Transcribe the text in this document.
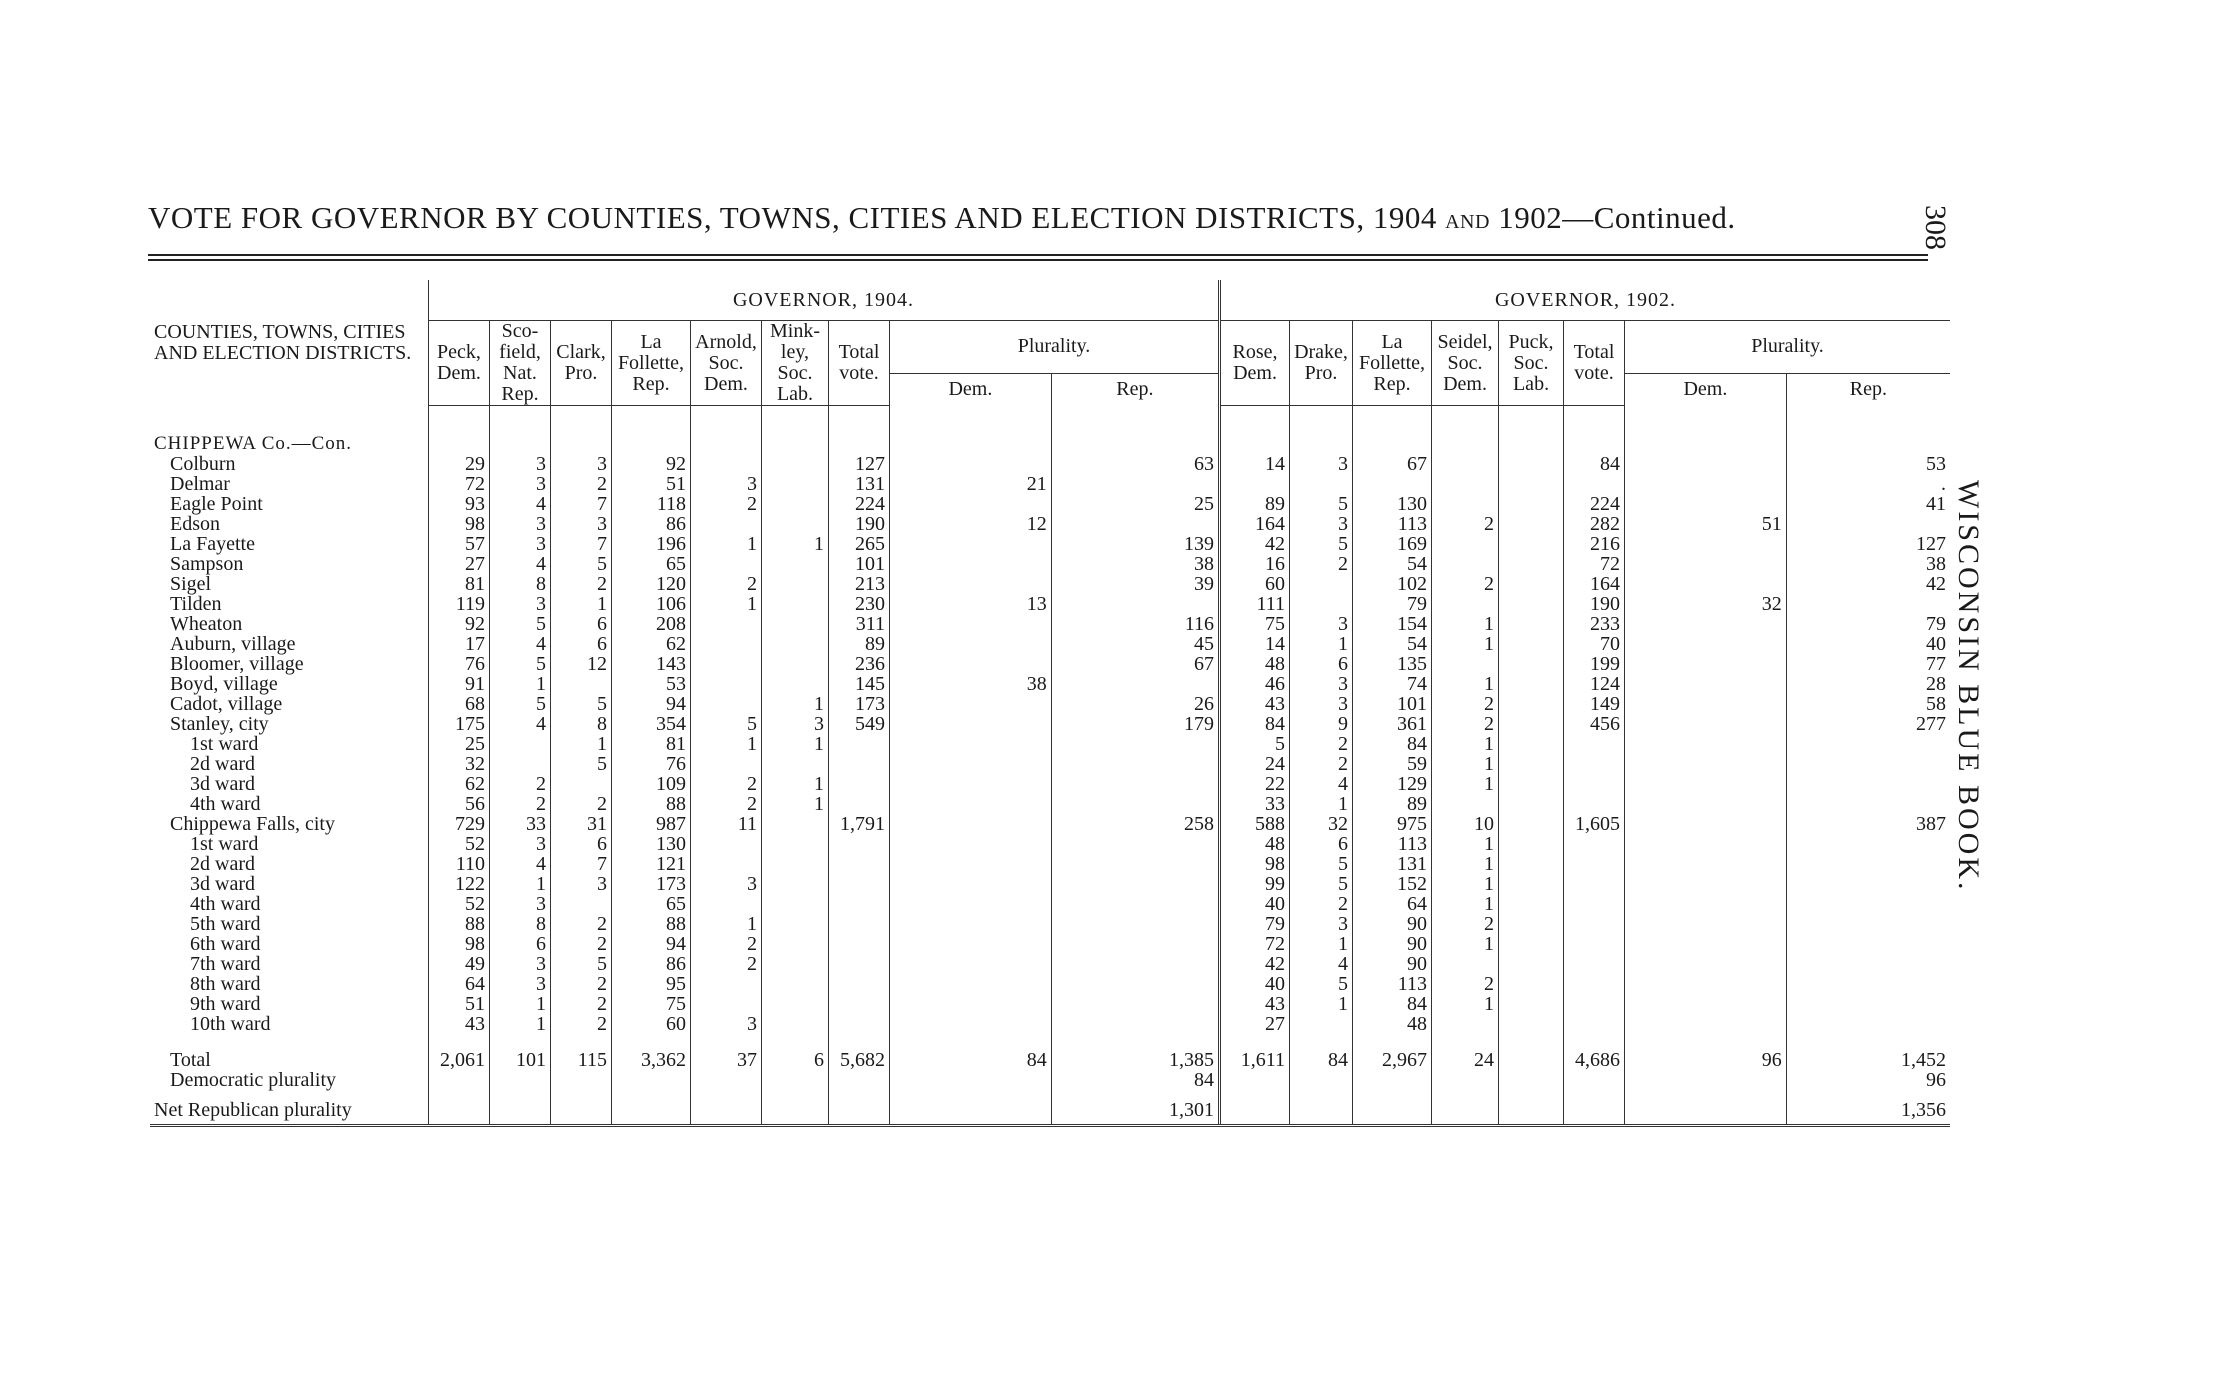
VOTE FOR GOVERNOR BY COUNTIES, TOWNS, CITIES AND ELECTION DISTRICTS, 1904 AND 1902—Continued.	308
WISCONSIN BLUE BOOK.
COUNTIES, TOWNS, CITIES AND ELECTION DISTRICTS.	GOVERNOR, 1904.									GOVERNOR, 1902.							
	Peck, Dem.	Sco-field, Nat. Rep.	Clark, Pro.	La Follette, Rep.	Arnold, Soc. Dem.	Mink-ley, Soc. Lab.	Total vote.	Plurality.		Rose, Dem.	Drake, Pro.	La Follette, Rep.	Seidel, Soc. Dem.	Puck, Soc. Lab.	Total vote.	Plurality.	
								Dem.	Rep.							Dem.	Rep.
CHIPPEWA Co.—Con.																	
Colburn	29	3	3	92			127		63	14	3	67			84		53
Delmar	72	3	2	51	3		131	21									.
Eagle Point	93	4	7	118	2		224		25	89	5	130			224		41
Edson	98	3	3	86			190	12		164	3	113	2		282	51	
La Fayette	57	3	7	196	1	1	265		139	42	5	169			216		127
Sampson	27	4	5	65			101		38	16	2	54			72		38
Sigel	81	8	2	120	2		213		39	60		102	2		164		42
Tilden	119	3	1	106	1		230	13		111		79			190	32	
Wheaton	92	5	6	208			311		116	75	3	154	1		233		79
Auburn, village	17	4	6	62			89		45	14	1	54	1		70		40
Bloomer, village	76	5	12	143			236		67	48	6	135			199		77
Boyd, village	91	1		53			145	38		46	3	74	1		124		28
Cadot, village	68	5	5	94		1	173		26	43	3	101	2		149		58
Stanley, city	175	4	8	354	5	3	549		179	84	9	361	2		456		277
1st ward	25		1	81	1	1				5	2	84	1				
2d ward	32		5	76						24	2	59	1				
3d ward	62	2		109	2	1				22	4	129	1				
4th ward	56	2	2	88	2	1				33	1	89					
Chippewa Falls, city	729	33	31	987	11		1,791		258	588	32	975	10		1,605		387
1st ward	52	3	6	130						48	6	113	1				
2d ward	110	4	7	121						98	5	131	1				
3d ward	122	1	3	173	3					99	5	152	1				
4th ward	52	3		65						40	2	64	1				
5th ward	88	8	2	88	1					79	3	90	2				
6th ward	98	6	2	94	2					72	1	90	1				
7th ward	49	3	5	86	2					42	4	90					
8th ward	64	3	2	95						40	5	113	2				
9th ward	51	1	2	75						43	1	84	1				
10th ward	43	1	2	60	3					27		48					
Total	2,061	101	115	3,362	37	6	5,682	84	1,385	1,611	84	2,967	24		4,686	96	1,452
Democratic plurality									84								96
Net Republican plurality									1,301								1,356
